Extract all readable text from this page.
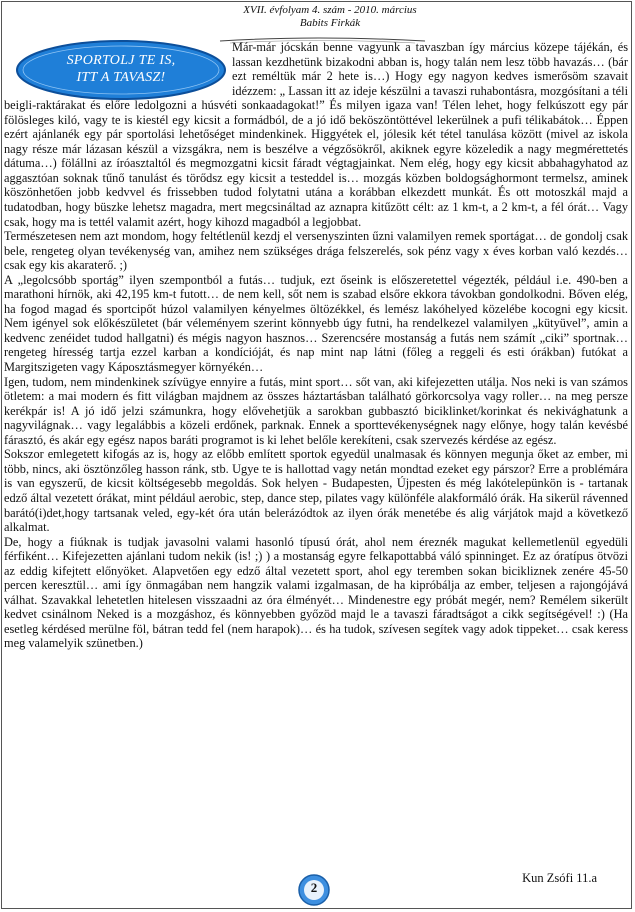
XVII. évfolyam 4. szám - 2010. március
Babits Firkák
SPORTOLJ TE IS,
ITT A TAVASZ!

Már-már jócskán benne vagyunk a tavaszban így március közepe tájékán, és lassan kezdhetünk bizakodni abban is, hogy talán nem lesz több havazás… (bár ezt reméltük már 2 hete is…) Hogy egy nagyon kedves ismerősöm szavait idézzem: „ Lassan itt az ideje készülni a tavaszi ruhabontásra, mozgósítani a téli beigli-raktárakat és előre ledolgozni a húsvéti sonkaadagokat!” És milyen igaza van! Télen lehet, hogy felkúszott egy pár fölösleges kiló, vagy te is kiestél egy kicsit a formádból, de a jó idő beköszöntöttével lekerülnek a pufi télikabátok… Éppen ezért ajánlanék egy pár sportolási lehetőséget mindenkinek. Higgyétek el, jólesik két tétel tanulása között (mivel az iskola nagy része már lázasan készül a vizsgákra, nem is beszélve a végzősökről, akiknek egyre közeledik a nagy megmérettetés dátuma…) föláll​ni az íróasztaltól és megmozgatni kicsit fáradt végtagjainkat. Nem elég, hogy egy kicsit abbahagyhatod az aggasztóan soknak tűnő tanulást és törődsz egy kicsit a testeddel is… mozgás közben boldogsághormont termelsz, aminek köszönhetően jobb kedvvel és frissebben tudod folytatni utána a korábban elkezdett munkát. És ott motoszkál majd a tudatodban, hogy büszke lehetsz magadra, mert megcsináltad az aznapra kitűzött célt: az 1 km-t, a 2 km-t, a fél órát… Vagy csak, hogy ma is tettél valamit azért, hogy kihozd magadból a legjobbat.

Természetesen nem azt mondom, hogy feltétlenül kezdj el versenyszinten űzni valamilyen remek sportágat… de gondolj csak bele, rengeteg olyan tevékenység van, amihez nem szükséges drága felszerelés, sok pénz vagy x éves korban való kezdés… csak egy kis akaraterő. ;)

A „legolcsóbb sportág” ilyen szempontból a futás… tudjuk, ezt őseink is előszeretettel végezték, például i.e. 490-ben a marathoni hírnök, aki 42,195 km-t futott… de nem kell, sőt nem is szabad elsőre ekkora távokban gondolkodni. Bőven elég, ha fogod magad és sportcipőt húzol valamilyen kényelmes öltözékkel, és lemész lakóhelyed közelébe kocogni egy kicsit. Nem igényel sok előkészületet (bár véleményem szerint könnyebb úgy futni, ha rendelkezel valamilyen „kütyüvel”, amin a kedvenc zenéidet tudod hallgatni) és mégis nagyon hasznos… Szerencsére mostanság a futás nem számít „ciki” sportnak… rengeteg híresség tartja ezzel karban a kondícióját, és nap mint nap látni (főleg a reggeli és esti órákban) futókat a Margitszigeten vagy Káposztásmegyer környékén…

Igen, tudom, nem mindenkinek szívügye ennyire a futás, mint sport… sőt van, aki kifejezetten utálja. Nos neki is van számos ötletem: a mai modern és fitt világban majdnem az összes háztartásban található görkorcsolya vagy roller… na meg persze kerékpár is! A jó idő jelzi számunkra, hogy elővehetjük a sarokban gubbasztó biciklinket/korinkat és nekivághatunk a nagyvilágnak… vagy legalábbis a közeli erdőnek, parknak. Ennek a sporttevékenységnek nagy előnye, hogy talán kevésbé fárasztó, és akár egy egész napos baráti programot is ki lehet belőle kerekíteni, csak szervezés kérdése az egész.

Sokszor emlegetett kifogás az is, hogy az előbb említett sportok egyedül unalmasak és könnyen megunja őket az ember, mi több, nincs, aki ösztönzőleg hasson ránk, stb. Ugye te is hallottad vagy netán mondtad ezeket egy párszor? Erre a problémára is van egyszerű, de kicsit költségesebb megoldás. Sok helyen - Budapesten, Újpesten és még lakótelepünkön is - tartanak edző által vezetett órákat, mint például aerobic, step, dance step, pilates vagy különféle alakformáló órák. Ha sikerül rávenned barátó(i)det,hogy tartsanak veled, egy-két óra után belerázódtok az ilyen órák menetébe és alig várjátok majd a következő alkalmat.

De, hogy a fiúknak is tudjak javasolni valami hasonló típusú órát, ahol nem éreznék magukat kellemetlenül egyedüli férfiként… Kifejezetten ajánlani tudom nekik (is! ;) ) a mostanság egyre felkapottabbá váló spinninget. Ez az óratípus ötvözi az eddig kifejtett előnyöket. Alapvetően egy edző által vezetett sport, ahol egy teremben sokan bicikliznek zenére 45-50 percen keresztül… ami így önmagában nem hangzik valami izgalmasan, de ha kipróbálja az ember, teljesen a rajongójává válhat. Szavakkal lehetetlen hitelesen visszaadni az óra élményét… Mindenestre egy próbát megér, nem? Remélem sikerült kedvet csinálnom Neked is a mozgáshoz, és könnyebben győzöd majd le a tavaszi fáradtságot a cikk segítségével! :) (Ha esetleg kérdésed merülne föl, bátran tedd fel (nem harapok)… és ha tudok, szívesen segítek vagy adok tippeket… csak keress meg valamelyik szünetben.)

Kun Zsófi 11.a
2
